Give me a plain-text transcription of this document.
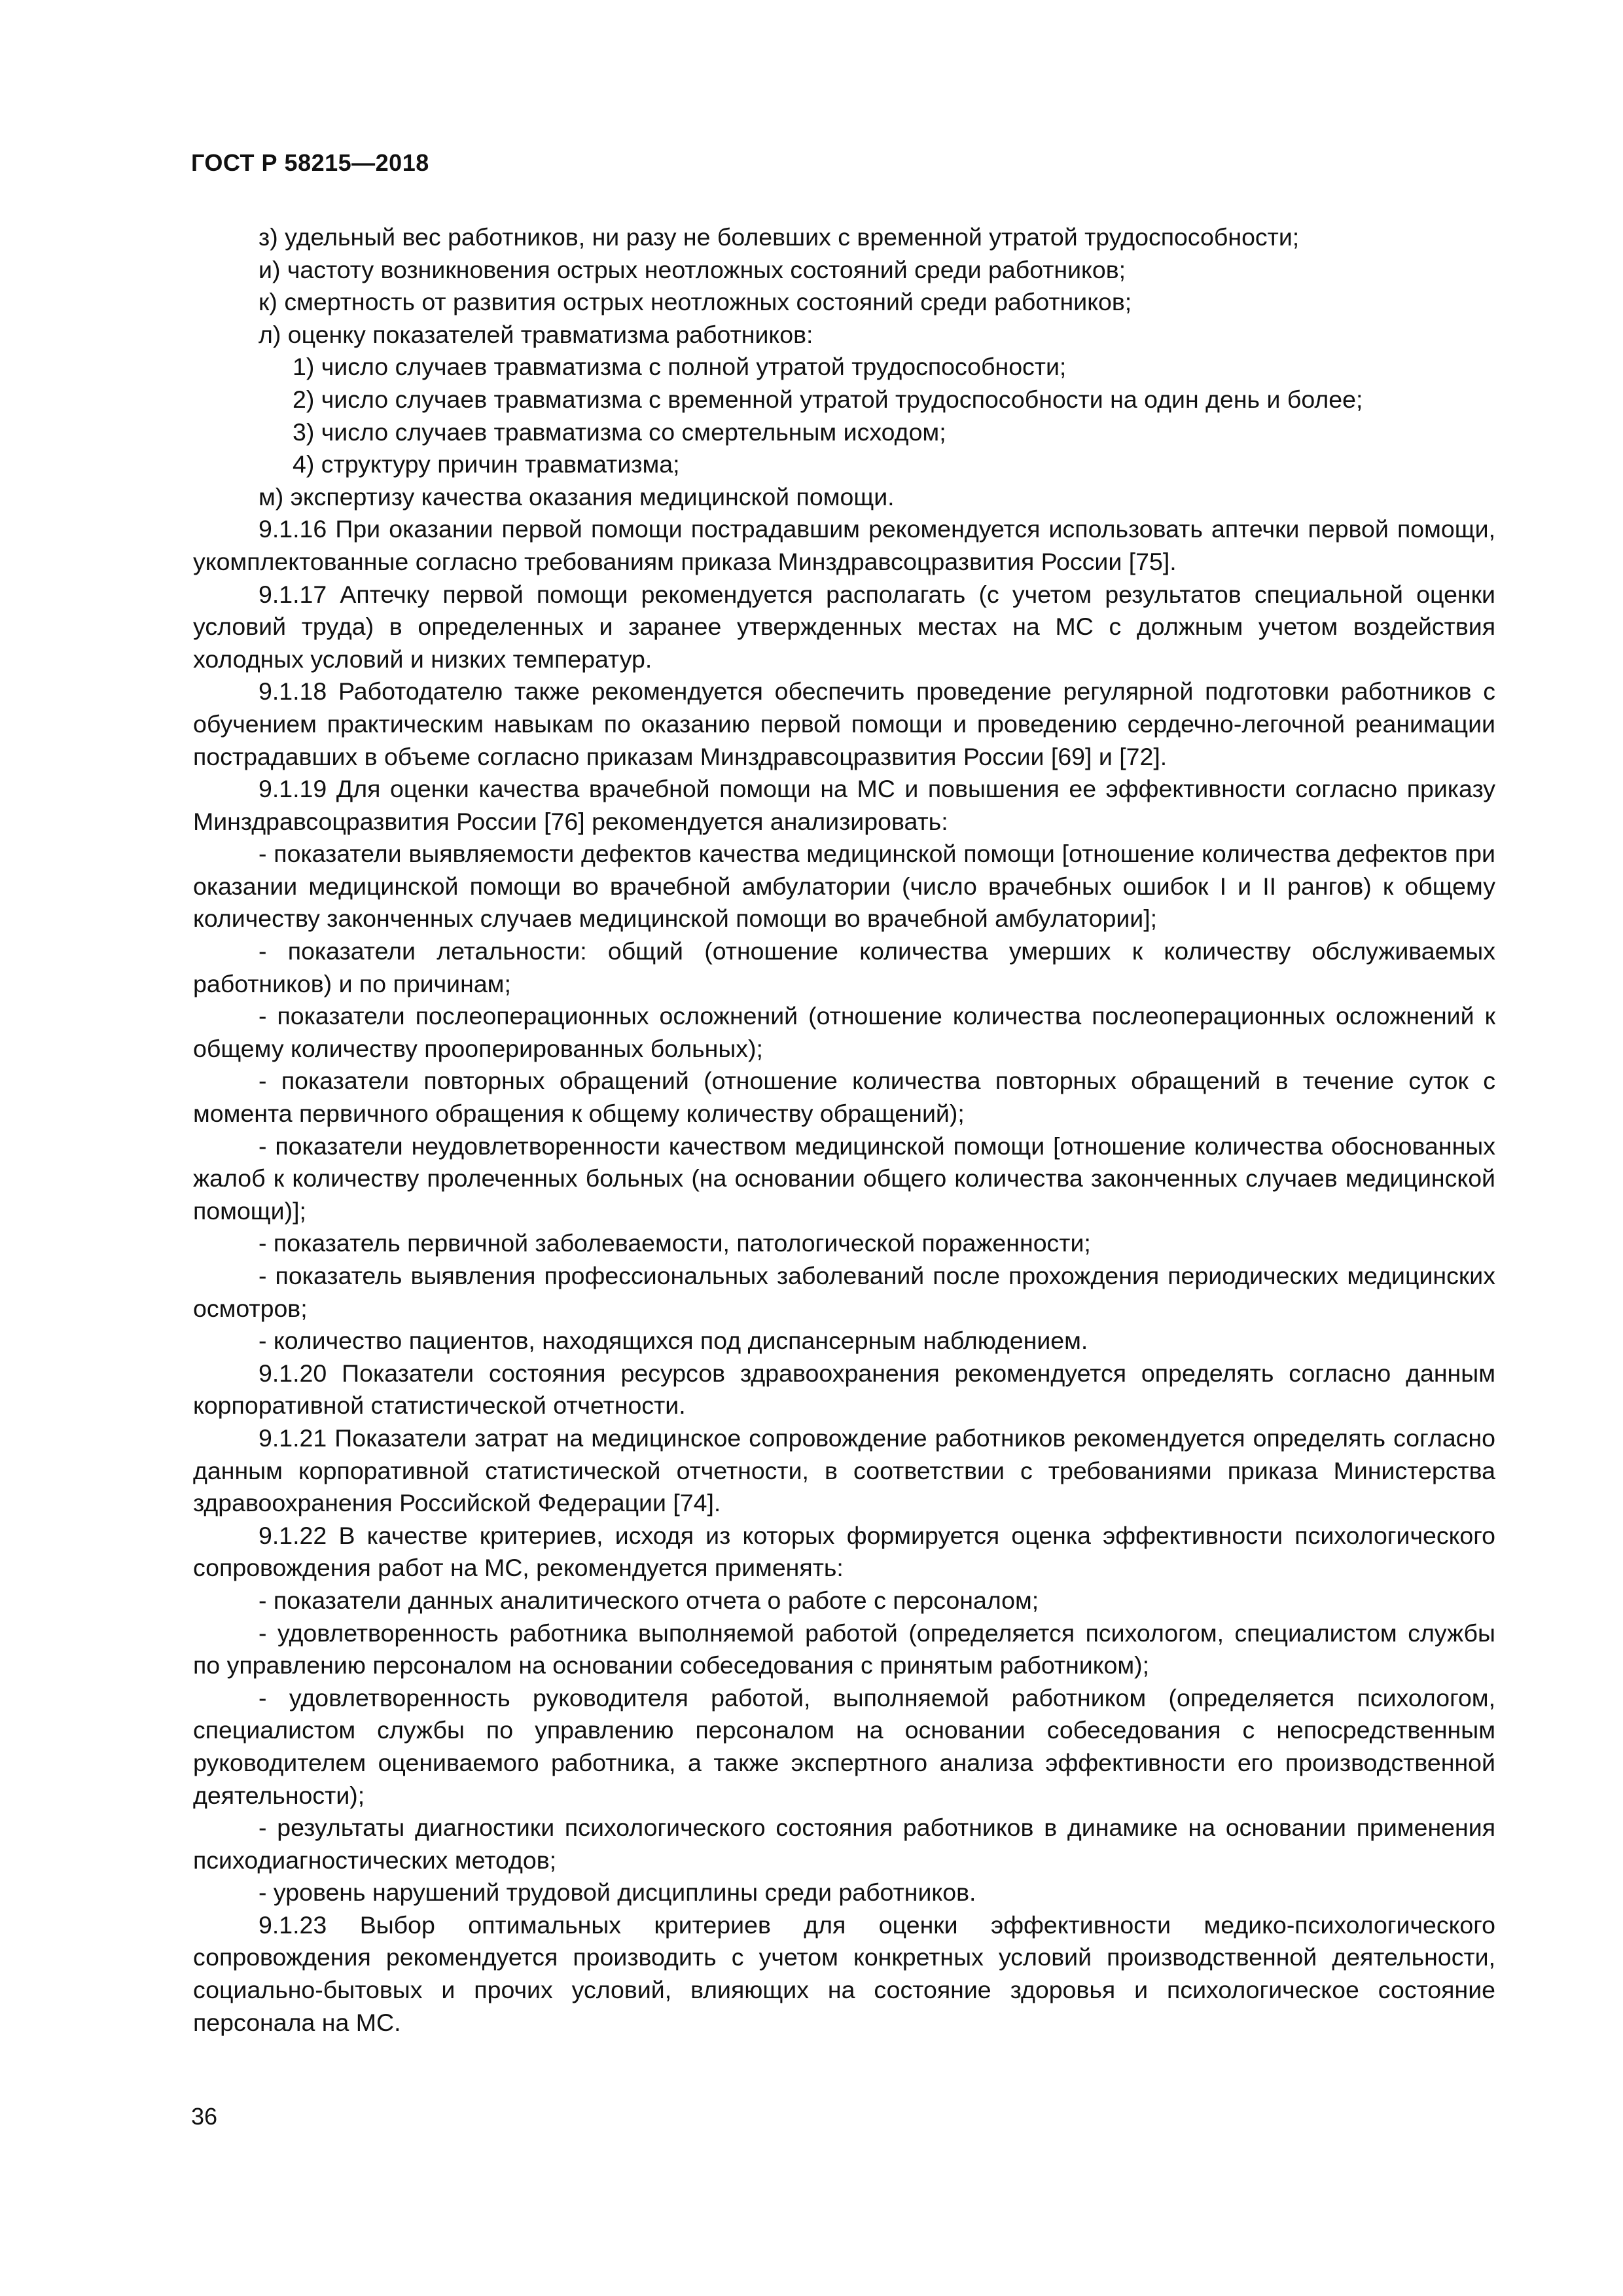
ГОСТ Р 58215—2018

з) удельный вес работников, ни разу не болевших с временной утратой трудоспособности;

и) частоту возникновения острых неотложных состояний среди работников;

к) смертность от развития острых неотложных состояний среди работников;

л) оценку показателей травматизма работников:

1) число случаев травматизма с полной утратой трудоспособности;

2) число случаев травматизма с временной утратой трудоспособности на один день и более;

3) число случаев травматизма со смертельным исходом;

4) структуру причин травматизма;

м) экспертизу качества оказания медицинской помощи.

9.1.16 При оказании первой помощи пострадавшим рекомендуется использовать аптечки первой помощи, укомплектованные согласно требованиям приказа Минздравсоцразвития России [75].

9.1.17 Аптечку первой помощи рекомендуется располагать (с учетом результатов специальной оценки условий труда) в определенных и заранее утвержденных местах на МС с должным учетом воздействия холодных условий и низких температур.

9.1.18 Работодателю также рекомендуется обеспечить проведение регулярной подготовки работников с обучением практическим навыкам по оказанию первой помощи и проведению сердечно-легочной реанимации пострадавших в объеме согласно приказам Минздравсоцразвития России [69] и [72].

9.1.19 Для оценки качества врачебной помощи на МС и повышения ее эффективности согласно приказу Минздравсоцразвития России [76] рекомендуется анализировать:

- показатели выявляемости дефектов качества медицинской помощи [отношение количества дефектов при оказании медицинской помощи во врачебной амбулатории (число врачебных ошибок I и II рангов) к общему количеству законченных случаев медицинской помощи во врачебной амбулатории];

- показатели летальности: общий (отношение количества умерших к количеству обслуживаемых работников) и по причинам;

- показатели послеоперационных осложнений (отношение количества послеоперационных осложнений к общему количеству прооперированных больных);

- показатели повторных обращений (отношение количества повторных обращений в течение суток с момента первичного обращения к общему количеству обращений);

- показатели неудовлетворенности качеством медицинской помощи [отношение количества обоснованных жалоб к количеству пролеченных больных (на основании общего количества законченных случаев медицинской помощи)];

- показатель первичной заболеваемости, патологической пораженности;

- показатель выявления профессиональных заболеваний после прохождения периодических медицинских осмотров;

- количество пациентов, находящихся под диспансерным наблюдением.

9.1.20 Показатели состояния ресурсов здравоохранения рекомендуется определять согласно данным корпоративной статистической отчетности.

9.1.21 Показатели затрат на медицинское сопровождение работников рекомендуется определять согласно данным корпоративной статистической отчетности, в соответствии с требованиями приказа Министерства здравоохранения Российской Федерации [74].

9.1.22 В качестве критериев, исходя из которых формируется оценка эффективности психологического сопровождения работ на МС, рекомендуется применять:

- показатели данных аналитического отчета о работе с персоналом;

- удовлетворенность работника выполняемой работой (определяется психологом, специалистом службы по управлению персоналом на основании собеседования с принятым работником);

- удовлетворенность руководителя работой, выполняемой работником (определяется психологом, специалистом службы по управлению персоналом на основании собеседования с непосредственным руководителем оцениваемого работника, а также экспертного анализа эффективности его производственной деятельности);

- результаты диагностики психологического состояния работников в динамике на основании применения психодиагностических методов;

- уровень нарушений трудовой дисциплины среди работников.

9.1.23 Выбор оптимальных критериев для оценки эффективности медико-психологического сопровождения рекомендуется производить с учетом конкретных условий производственной деятельности, социально-бытовых и прочих условий, влияющих на состояние здоровья и психологическое состояние персонала на МС.

36
